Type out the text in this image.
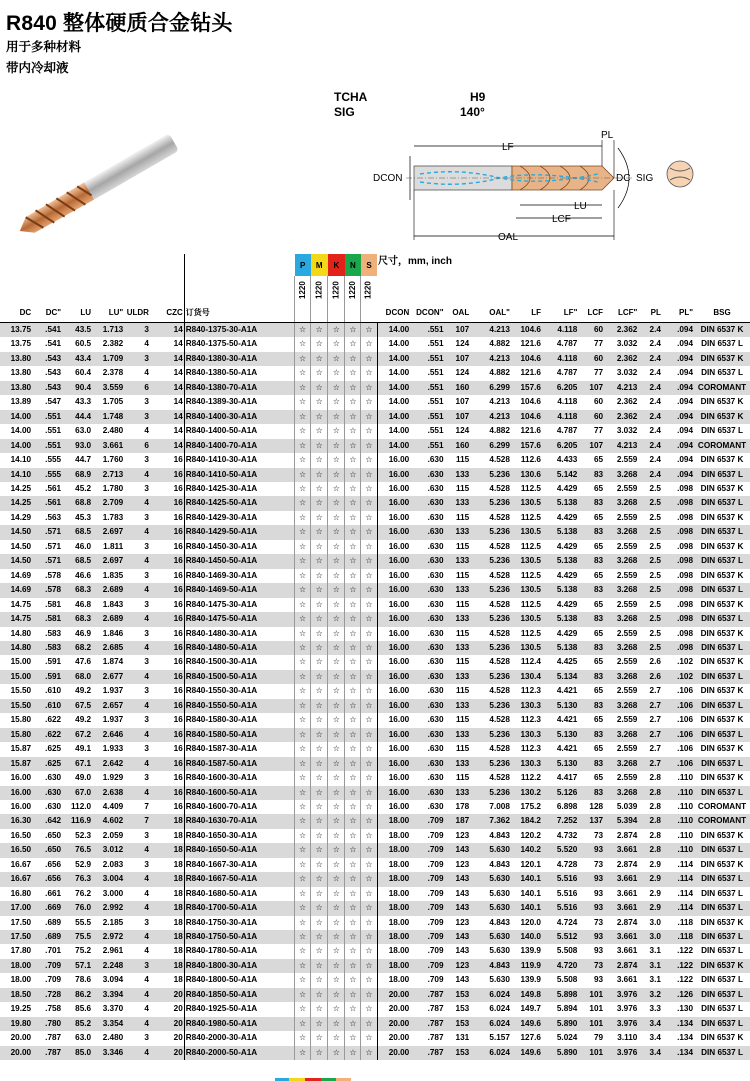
R840 整体硬质合金钻头
用于多种材料
带内冷却液
TCHA
SIG
H9
140°
LF
PL
DCON	DC SIG
LU
LCF
OAL
							P	M	K	N	S	尺寸，mm, inch										
							1220	1220	1220	1220	1220											
DC	DC"	LU	LU"	ULDR	CZC	订货号						DCON	DCON"	OAL	OAL"	LF	LF"	LCF	LCF"	PL	PL"	BSG
13.75	.541	43.5	1.713	3	14	R840-1375-30-A1A	☆	☆	☆	☆	☆	14.00	.551	107	4.213	104.6	4.118	60	2.362	2.4	.094	DIN 6537 K
13.75	.541	60.5	2.382	4	14	R840-1375-50-A1A	☆	☆	☆	☆	☆	14.00	.551	124	4.882	121.6	4.787	77	3.032	2.4	.094	DIN 6537 L
13.80	.543	43.4	1.709	3	14	R840-1380-30-A1A	☆	☆	☆	☆	☆	14.00	.551	107	4.213	104.6	4.118	60	2.362	2.4	.094	DIN 6537 K
13.80	.543	60.4	2.378	4	14	R840-1380-50-A1A	☆	☆	☆	☆	☆	14.00	.551	124	4.882	121.6	4.787	77	3.032	2.4	.094	DIN 6537 L
13.80	.543	90.4	3.559	6	14	R840-1380-70-A1A	☆	☆	☆	☆	☆	14.00	.551	160	6.299	157.6	6.205	107	4.213	2.4	.094	COROMANT
13.89	.547	43.3	1.705	3	14	R840-1389-30-A1A	☆	☆	☆	☆	☆	14.00	.551	107	4.213	104.6	4.118	60	2.362	2.4	.094	DIN 6537 K
14.00	.551	44.4	1.748	3	14	R840-1400-30-A1A	☆	☆	☆	☆	☆	14.00	.551	107	4.213	104.6	4.118	60	2.362	2.4	.094	DIN 6537 K
14.00	.551	63.0	2.480	4	14	R840-1400-50-A1A	☆	☆	☆	☆	☆	14.00	.551	124	4.882	121.6	4.787	77	3.032	2.4	.094	DIN 6537 L
14.00	.551	93.0	3.661	6	14	R840-1400-70-A1A	☆	☆	☆	☆	☆	14.00	.551	160	6.299	157.6	6.205	107	4.213	2.4	.094	COROMANT
14.10	.555	44.7	1.760	3	16	R840-1410-30-A1A	☆	☆	☆	☆	☆	16.00	.630	115	4.528	112.6	4.433	65	2.559	2.4	.094	DIN 6537 K
14.10	.555	68.9	2.713	4	16	R840-1410-50-A1A	☆	☆	☆	☆	☆	16.00	.630	133	5.236	130.6	5.142	83	3.268	2.4	.094	DIN 6537 L
14.25	.561	45.2	1.780	3	16	R840-1425-30-A1A	☆	☆	☆	☆	☆	16.00	.630	115	4.528	112.5	4.429	65	2.559	2.5	.098	DIN 6537 K
14.25	.561	68.8	2.709	4	16	R840-1425-50-A1A	☆	☆	☆	☆	☆	16.00	.630	133	5.236	130.5	5.138	83	3.268	2.5	.098	DIN 6537 L
14.29	.563	45.3	1.783	3	16	R840-1429-30-A1A	☆	☆	☆	☆	☆	16.00	.630	115	4.528	112.5	4.429	65	2.559	2.5	.098	DIN 6537 K
14.50	.571	68.5	2.697	4	16	R840-1429-50-A1A	☆	☆	☆	☆	☆	16.00	.630	133	5.236	130.5	5.138	83	3.268	2.5	.098	DIN 6537 L
14.50	.571	46.0	1.811	3	16	R840-1450-30-A1A	☆	☆	☆	☆	☆	16.00	.630	115	4.528	112.5	4.429	65	2.559	2.5	.098	DIN 6537 K
14.50	.571	68.5	2.697	4	16	R840-1450-50-A1A	☆	☆	☆	☆	☆	16.00	.630	133	5.236	130.5	5.138	83	3.268	2.5	.098	DIN 6537 L
14.69	.578	46.6	1.835	3	16	R840-1469-30-A1A	☆	☆	☆	☆	☆	16.00	.630	115	4.528	112.5	4.429	65	2.559	2.5	.098	DIN 6537 K
14.69	.578	68.3	2.689	4	16	R840-1469-50-A1A	☆	☆	☆	☆	☆	16.00	.630	133	5.236	130.5	5.138	83	3.268	2.5	.098	DIN 6537 L
14.75	.581	46.8	1.843	3	16	R840-1475-30-A1A	☆	☆	☆	☆	☆	16.00	.630	115	4.528	112.5	4.429	65	2.559	2.5	.098	DIN 6537 K
14.75	.581	68.3	2.689	4	16	R840-1475-50-A1A	☆	☆	☆	☆	☆	16.00	.630	133	5.236	130.5	5.138	83	3.268	2.5	.098	DIN 6537 L
14.80	.583	46.9	1.846	3	16	R840-1480-30-A1A	☆	☆	☆	☆	☆	16.00	.630	115	4.528	112.5	4.429	65	2.559	2.5	.098	DIN 6537 K
14.80	.583	68.2	2.685	4	16	R840-1480-50-A1A	☆	☆	☆	☆	☆	16.00	.630	133	5.236	130.5	5.138	83	3.268	2.5	.098	DIN 6537 L
15.00	.591	47.6	1.874	3	16	R840-1500-30-A1A	☆	☆	☆	☆	☆	16.00	.630	115	4.528	112.4	4.425	65	2.559	2.6	.102	DIN 6537 K
15.00	.591	68.0	2.677	4	16	R840-1500-50-A1A	☆	☆	☆	☆	☆	16.00	.630	133	5.236	130.4	5.134	83	3.268	2.6	.102	DIN 6537 L
15.50	.610	49.2	1.937	3	16	R840-1550-30-A1A	☆	☆	☆	☆	☆	16.00	.630	115	4.528	112.3	4.421	65	2.559	2.7	.106	DIN 6537 K
15.50	.610	67.5	2.657	4	16	R840-1550-50-A1A	☆	☆	☆	☆	☆	16.00	.630	133	5.236	130.3	5.130	83	3.268	2.7	.106	DIN 6537 L
15.80	.622	49.2	1.937	3	16	R840-1580-30-A1A	☆	☆	☆	☆	☆	16.00	.630	115	4.528	112.3	4.421	65	2.559	2.7	.106	DIN 6537 K
15.80	.622	67.2	2.646	4	16	R840-1580-50-A1A	☆	☆	☆	☆	☆	16.00	.630	133	5.236	130.3	5.130	83	3.268	2.7	.106	DIN 6537 L
15.87	.625	49.1	1.933	3	16	R840-1587-30-A1A	☆	☆	☆	☆	☆	16.00	.630	115	4.528	112.3	4.421	65	2.559	2.7	.106	DIN 6537 K
15.87	.625	67.1	2.642	4	16	R840-1587-50-A1A	☆	☆	☆	☆	☆	16.00	.630	133	5.236	130.3	5.130	83	3.268	2.7	.106	DIN 6537 L
16.00	.630	49.0	1.929	3	16	R840-1600-30-A1A	☆	☆	☆	☆	☆	16.00	.630	115	4.528	112.2	4.417	65	2.559	2.8	.110	DIN 6537 K
16.00	.630	67.0	2.638	4	16	R840-1600-50-A1A	☆	☆	☆	☆	☆	16.00	.630	133	5.236	130.2	5.126	83	3.268	2.8	.110	DIN 6537 L
16.00	.630	112.0	4.409	7	16	R840-1600-70-A1A	☆	☆	☆	☆	☆	16.00	.630	178	7.008	175.2	6.898	128	5.039	2.8	.110	COROMANT
16.30	.642	116.9	4.602	7	18	R840-1630-70-A1A	☆	☆	☆	☆	☆	18.00	.709	187	7.362	184.2	7.252	137	5.394	2.8	.110	COROMANT
16.50	.650	52.3	2.059	3	18	R840-1650-30-A1A	☆	☆	☆	☆	☆	18.00	.709	123	4.843	120.2	4.732	73	2.874	2.8	.110	DIN 6537 K
16.50	.650	76.5	3.012	4	18	R840-1650-50-A1A	☆	☆	☆	☆	☆	18.00	.709	143	5.630	140.2	5.520	93	3.661	2.8	.110	DIN 6537 L
16.67	.656	52.9	2.083	3	18	R840-1667-30-A1A	☆	☆	☆	☆	☆	18.00	.709	123	4.843	120.1	4.728	73	2.874	2.9	.114	DIN 6537 K
16.67	.656	76.3	3.004	4	18	R840-1667-50-A1A	☆	☆	☆	☆	☆	18.00	.709	143	5.630	140.1	5.516	93	3.661	2.9	.114	DIN 6537 L
16.80	.661	76.2	3.000	4	18	R840-1680-50-A1A	☆	☆	☆	☆	☆	18.00	.709	143	5.630	140.1	5.516	93	3.661	2.9	.114	DIN 6537 L
17.00	.669	76.0	2.992	4	18	R840-1700-50-A1A	☆	☆	☆	☆	☆	18.00	.709	143	5.630	140.1	5.516	93	3.661	2.9	.114	DIN 6537 L
17.50	.689	55.5	2.185	3	18	R840-1750-30-A1A	☆	☆	☆	☆	☆	18.00	.709	123	4.843	120.0	4.724	73	2.874	3.0	.118	DIN 6537 K
17.50	.689	75.5	2.972	4	18	R840-1750-50-A1A	☆	☆	☆	☆	☆	18.00	.709	143	5.630	140.0	5.512	93	3.661	3.0	.118	DIN 6537 L
17.80	.701	75.2	2.961	4	18	R840-1780-50-A1A	☆	☆	☆	☆	☆	18.00	.709	143	5.630	139.9	5.508	93	3.661	3.1	.122	DIN 6537 L
18.00	.709	57.1	2.248	3	18	R840-1800-30-A1A	☆	☆	☆	☆	☆	18.00	.709	123	4.843	119.9	4.720	73	2.874	3.1	.122	DIN 6537 K
18.00	.709	78.6	3.094	4	18	R840-1800-50-A1A	☆	☆	☆	☆	☆	18.00	.709	143	5.630	139.9	5.508	93	3.661	3.1	.122	DIN 6537 L
18.50	.728	86.2	3.394	4	20	R840-1850-50-A1A	☆	☆	☆	☆	☆	20.00	.787	153	6.024	149.8	5.898	101	3.976	3.2	.126	DIN 6537 L
19.25	.758	85.6	3.370	4	20	R840-1925-50-A1A	☆	☆	☆	☆	☆	20.00	.787	153	6.024	149.7	5.894	101	3.976	3.3	.130	DIN 6537 L
19.80	.780	85.2	3.354	4	20	R840-1980-50-A1A	☆	☆	☆	☆	☆	20.00	.787	153	6.024	149.6	5.890	101	3.976	3.4	.134	DIN 6537 L
20.00	.787	63.0	2.480	3	20	R840-2000-30-A1A	☆	☆	☆	☆	☆	20.00	.787	131	5.157	127.6	5.024	79	3.110	3.4	.134	DIN 6537 K
20.00	.787	85.0	3.346	4	20	R840-2000-50-A1A	☆	☆	☆	☆	☆	20.00	.787	153	6.024	149.6	5.890	101	3.976	3.4	.134	DIN 6537 L
